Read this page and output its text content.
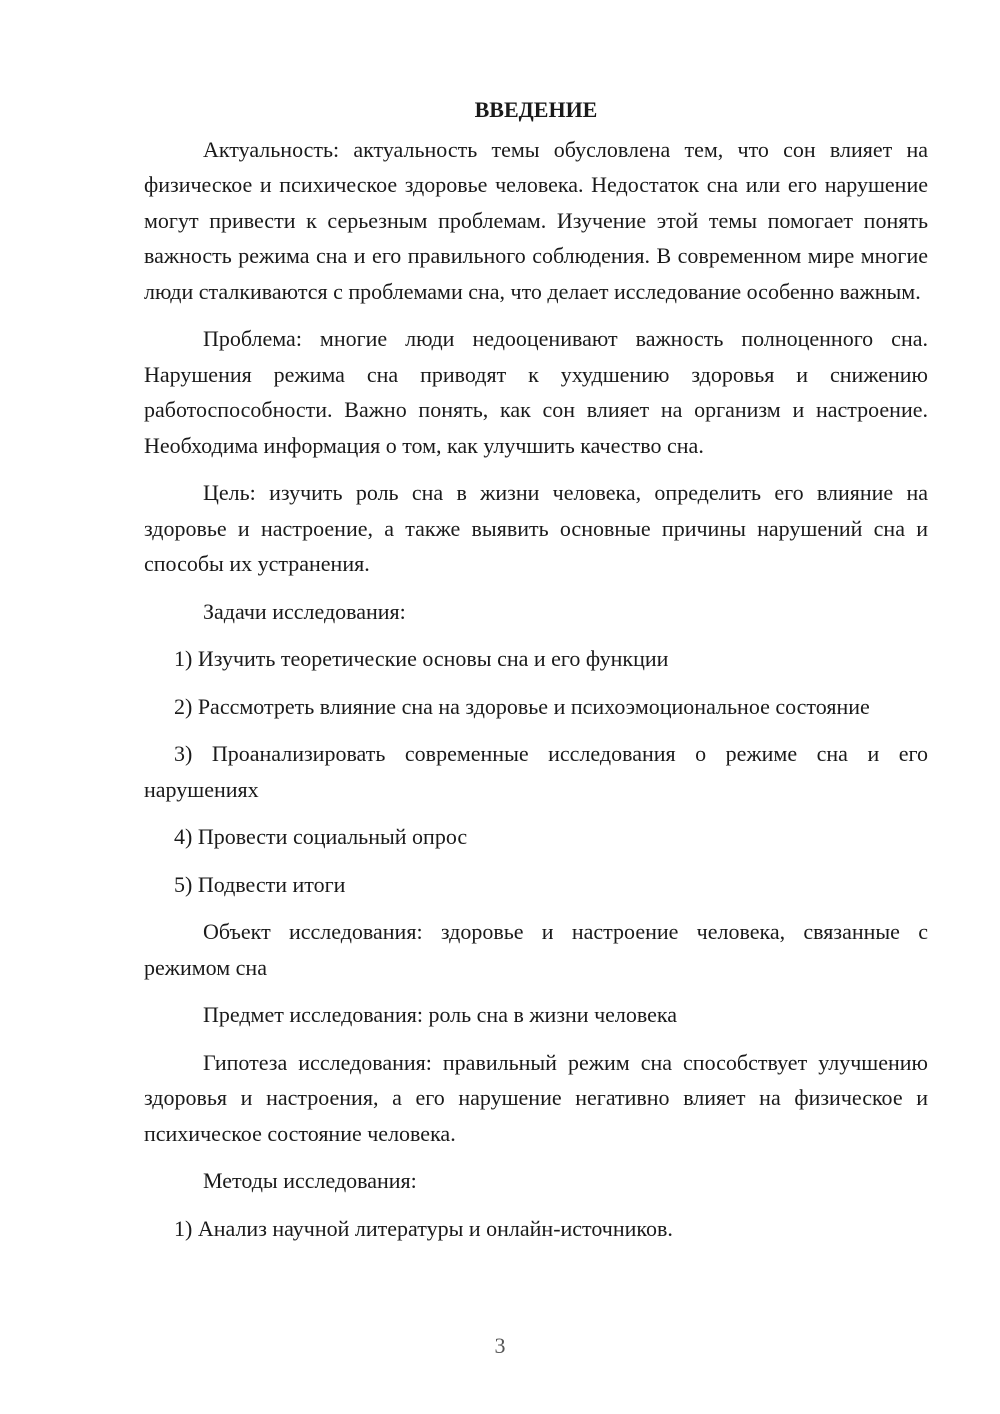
ВВЕДЕНИЕ

Актуальность: актуальность темы обусловлена тем, что сон влияет на физическое и психическое здоровье человека. Недостаток сна или его нарушение могут привести к серьезным проблемам. Изучение этой темы помогает понять важность режима сна и его правильного соблюдения. В современном мире многие люди сталкиваются с проблемами сна, что делает исследование особенно важным.

Проблема: многие люди недооценивают важность полноценного сна. Нарушения режима сна приводят к ухудшению здоровья и снижению работоспособности. Важно понять, как сон влияет на организм и настроение. Необходима информация о том, как улучшить качество сна.

Цель: изучить роль сна в жизни человека, определить его влияние на здоровье и настроение, а также выявить основные причины нарушений сна и способы их устранения.

Задачи исследования:

1) Изучить теоретические основы сна и его функции

2) Рассмотреть влияние сна на здоровье и психоэмоциональное состояние

3) Проанализировать современные исследования о режиме сна и его нарушениях

4) Провести социальный опрос

5) Подвести итоги

Объект исследования: здоровье и настроение человека, связанные с режимом сна

Предмет исследования: роль сна в жизни человека

Гипотеза исследования: правильный режим сна способствует улучшению здоровья и настроения, а его нарушение негативно влияет на физическое и психическое состояние человека.

Методы исследования:

1) Анализ научной литературы и онлайн-источников.

3
